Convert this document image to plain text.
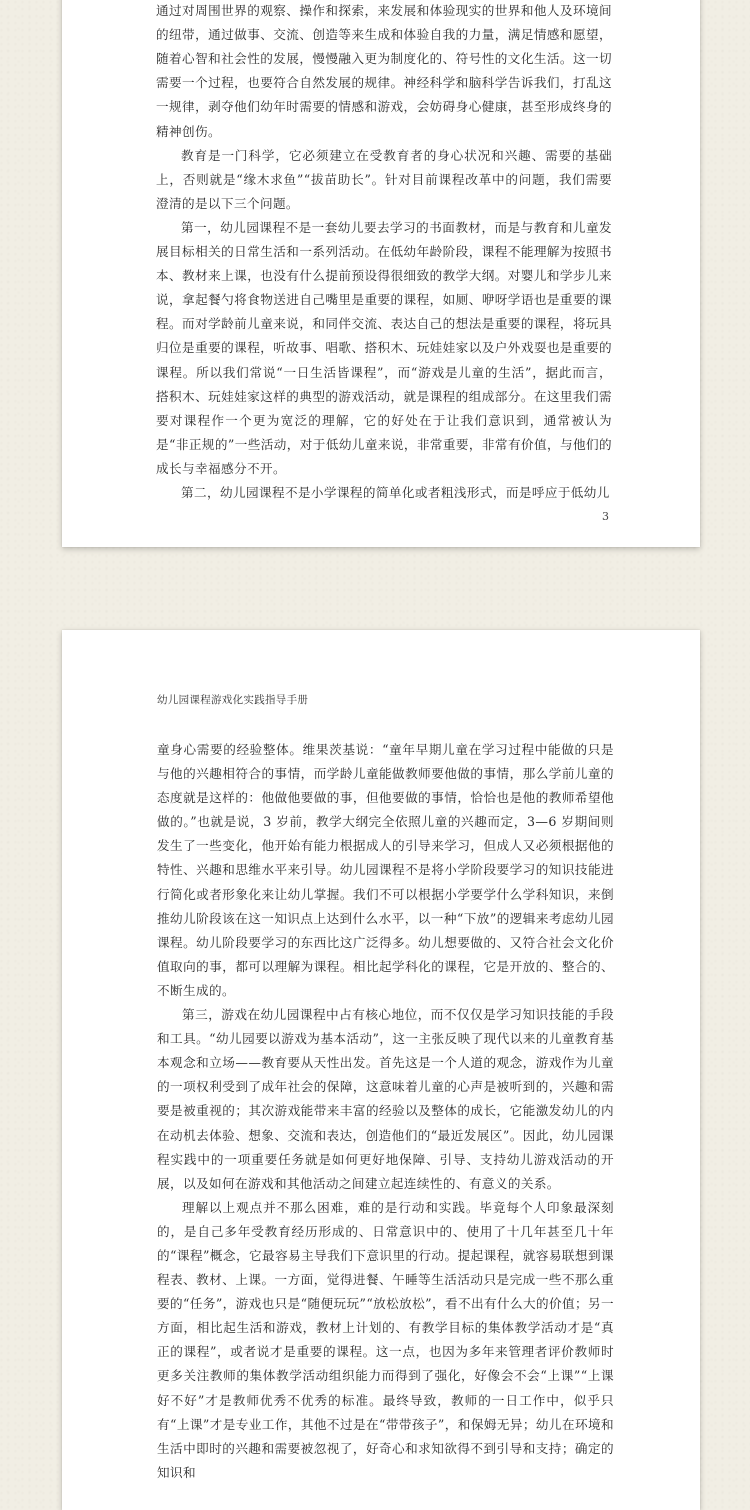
通过对周围世界的观察、操作和探索，来发展和体验现实的世界和他人及环境间的纽带，通过做事、交流、创造等来生成和体验自我的力量，满足情感和愿望，随着心智和社会性的发展，慢慢融入更为制度化的、符号性的文化生活。这一切需要一个过程，也要符合自然发展的规律。神经科学和脑科学告诉我们，打乱这一规律，剥夺他们幼年时需要的情感和游戏，会妨碍身心健康，甚至形成终身的精神创伤。

教育是一门科学，它必须建立在受教育者的身心状况和兴趣、需要的基础上，否则就是“缘木求鱼”“拔苗助长”。针对目前课程改革中的问题，我们需要澄清的是以下三个问题。

第一，幼儿园课程不是一套幼儿要去学习的书面教材，而是与教育和儿童发展目标相关的日常生活和一系列活动。在低幼年龄阶段，课程不能理解为按照书本、教材来上课，也没有什么提前预设得很细致的教学大纲。对婴儿和学步儿来说，拿起餐勺将食物送进自己嘴里是重要的课程，如厕、咿呀学语也是重要的课程。而对学龄前儿童来说，和同伴交流、表达自己的想法是重要的课程，将玩具归位是重要的课程，听故事、唱歌、搭积木、玩娃娃家以及户外戏耍也是重要的课程。所以我们常说“一日生活皆课程”，而“游戏是儿童的生活”，据此而言，搭积木、玩娃娃家这样的典型的游戏活动，就是课程的组成部分。在这里我们需要对课程作一个更为宽泛的理解，它的好处在于让我们意识到，通常被认为是“非正规的”一些活动，对于低幼儿童来说，非常重要，非常有价值，与他们的成长与幸福感分不开。

第二，幼儿园课程不是小学课程的简单化或者粗浅形式，而是呼应于低幼儿

3
幼儿园课程游戏化实践指导手册

童身心需要的经验整体。维果茨基说：“童年早期儿童在学习过程中能做的只是与他的兴趣相符合的事情，而学龄儿童能做教师要他做的事情，那么学前儿童的态度就是这样的：他做他要做的事，但他要做的事情，恰恰也是他的教师希望他做的。”也就是说，3 岁前，教学大纲完全依照儿童的兴趣而定，3—6 岁期间则发生了一些变化，他开始有能力根据成人的引导来学习，但成人又必须根据他的特性、兴趣和思维水平来引导。幼儿园课程不是将小学阶段要学习的知识技能进行简化或者形象化来让幼儿掌握。我们不可以根据小学要学什么学科知识，来倒推幼儿阶段该在这一知识点上达到什么水平，以一种“下放”的逻辑来考虑幼儿园课程。幼儿阶段要学习的东西比这广泛得多。幼儿想要做的、又符合社会文化价值取向的事，都可以理解为课程。相比起学科化的课程，它是开放的、整合的、不断生成的。

第三，游戏在幼儿园课程中占有核心地位，而不仅仅是学习知识技能的手段和工具。“幼儿园要以游戏为基本活动”，这一主张反映了现代以来的儿童教育基本观念和立场——教育要从天性出发。首先这是一个人道的观念，游戏作为儿童的一项权利受到了成年社会的保障，这意味着儿童的心声是被听到的，兴趣和需要是被重视的；其次游戏能带来丰富的经验以及整体的成长，它能激发幼儿的内在动机去体验、想象、交流和表达，创造他们的“最近发展区”。因此，幼儿园课程实践中的一项重要任务就是如何更好地保障、引导、支持幼儿游戏活动的开展，以及如何在游戏和其他活动之间建立起连续性的、有意义的关系。

理解以上观点并不那么困难，难的是行动和实践。毕竟每个人印象最深刻的，是自己多年受教育经历形成的、日常意识中的、使用了十几年甚至几十年的“课程”概念，它最容易主导我们下意识里的行动。提起课程，就容易联想到课程表、教材、上课。一方面，觉得进餐、午睡等生活活动只是完成一些不那么重要的“任务”，游戏也只是“随便玩玩”“放松放松”，看不出有什么大的价值；另一方面，相比起生活和游戏，教材上计划的、有教学目标的集体教学活动才是“真正的课程”，或者说才是重要的课程。这一点，也因为多年来管理者评价教师时更多关注教师的集体教学活动组织能力而得到了强化，好像会不会“上课”“上课好不好”才是教师优秀不优秀的标准。最终导致，教师的一日工作中，似乎只有“上课”才是专业工作，其他不过是在“带带孩子”，和保姆无异；幼儿在环境和生活中即时的兴趣和需要被忽视了，好奇心和求知欲得不到引导和支持；确定的知识和
